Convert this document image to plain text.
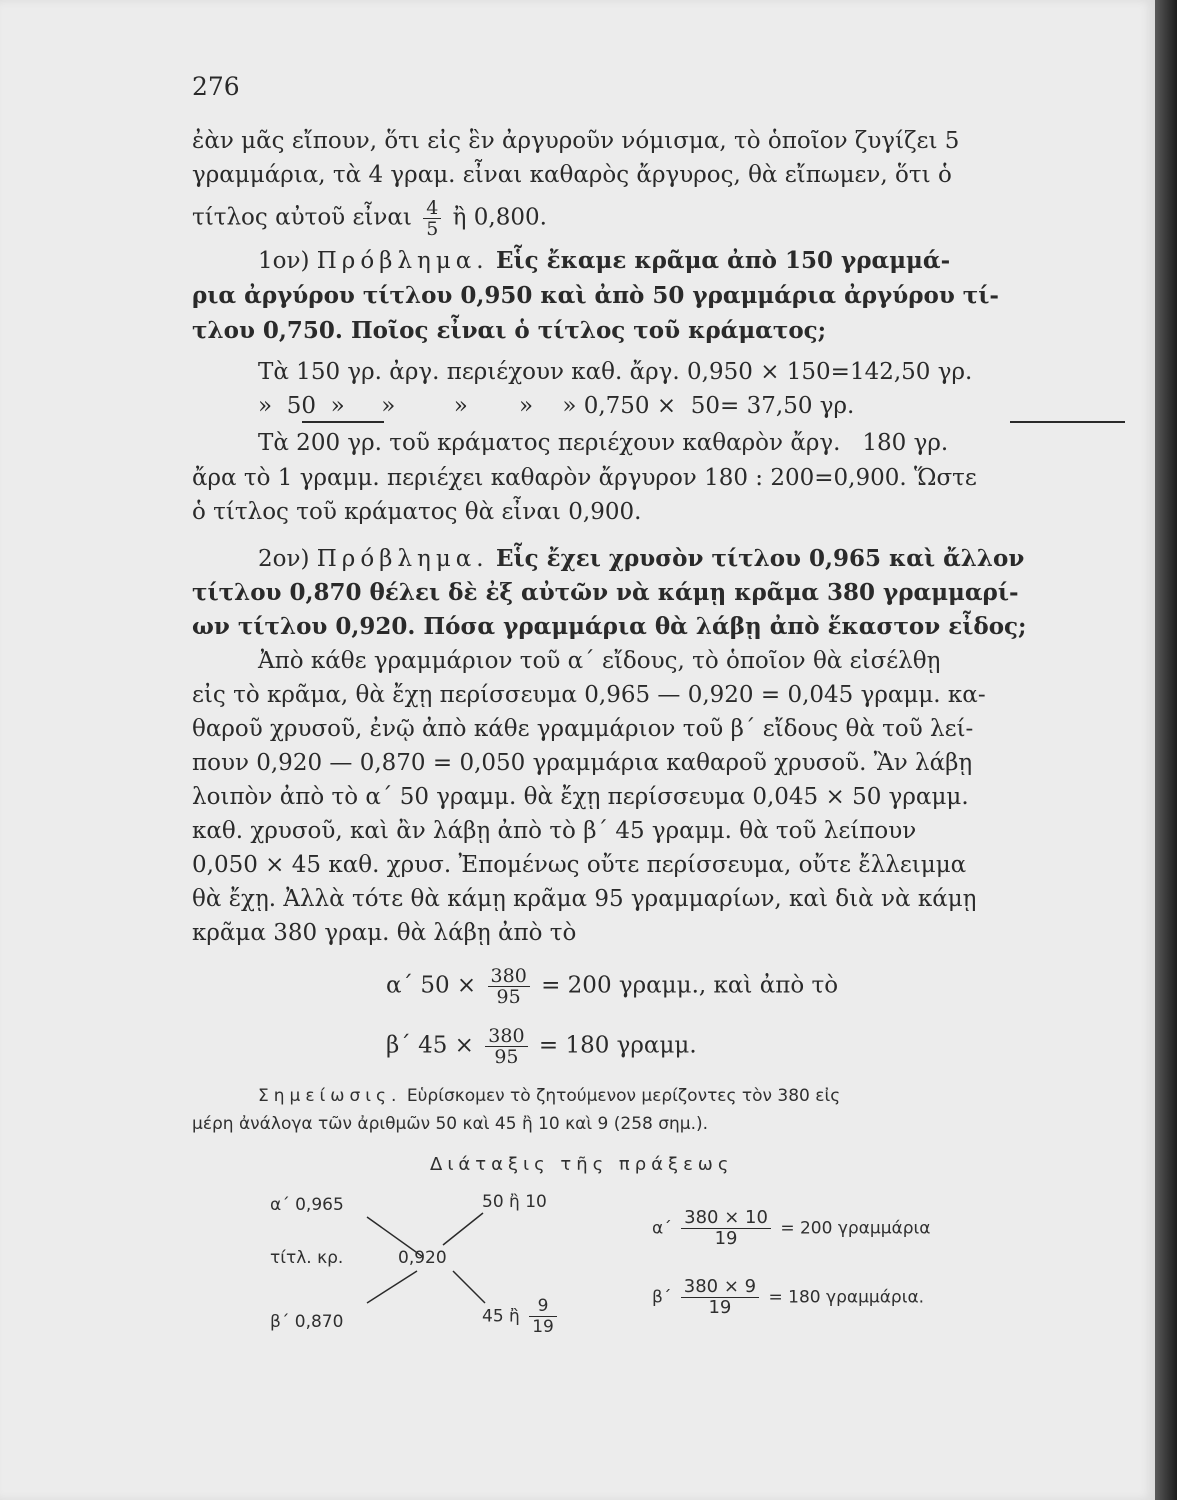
276
ἐὰν μᾶς εἴπουν, ὅτι εἰς ἓν ἀργυροῦν νόμισμα, τὸ ὁποῖον ζυγίζει 5
γραμμάρια, τὰ 4 γραμ. εἶναι καθαρὸς ἄργυρος, θὰ εἴπωμεν, ὅτι ὁ
τίτλος αὐτοῦ εἶναι $\frac{4}{5}$ ἢ 0,800.
1ον) Πρόβλημα. Εἷς ἔκαμε κρᾶμα ἀπὸ 150 γραμμά-
ρια ἀργύρου τίτλου 0,950 καὶ ἀπὸ 50 γραμμάρια ἀργύρου τί-
τλου 0,750. Ποῖος εἶναι ὁ τίτλος τοῦ κράματος;
Τὰ 150 γρ. ἀργ. περιέχουν καθ. ἄργ. 0,950 × 150=142,50 γρ.
»  50  »     »        »       »    » 0,750 ×  50= 37,50 γρ.
Τὰ 200 γρ. τοῦ κράματος περιέχουν καθαρὸν ἄργ.   180 γρ.
ἄρα τὸ 1 γραμμ. περιέχει καθαρὸν ἄργυρον 180 : 200=0,900. Ὥστε
ὁ τίτλος τοῦ κράματος θὰ εἶναι 0,900.
2ον) Πρόβλημα. Εἷς ἔχει χρυσὸν τίτλου 0,965 καὶ ἄλλον
τίτλου 0,870 θέλει δὲ ἐξ αὐτῶν νὰ κάμῃ κρᾶμα 380 γραμμαρί-
ων τίτλου 0,920. Πόσα γραμμάρια θὰ λάβῃ ἀπὸ ἕκαστον εἶδος;
Ἀπὸ κάθε γραμμάριον τοῦ α΄ εἴδους, τὸ ὁποῖον θὰ εἰσέλθῃ
εἰς τὸ κρᾶμα, θὰ ἔχῃ περίσσευμα 0,965 — 0,920 = 0,045 γραμμ. κα-
θαροῦ χρυσοῦ, ἐνῷ ἀπὸ κάθε γραμμάριον τοῦ β΄ εἴδους θὰ τοῦ λεί-
πουν 0,920 — 0,870 = 0,050 γραμμάρια καθαροῦ χρυσοῦ. Ἂν λάβῃ
λοιπὸν ἀπὸ τὸ α΄ 50 γραμμ. θὰ ἔχῃ περίσσευμα 0,045 × 50 γραμμ.
καθ. χρυσοῦ, καὶ ἂν λάβῃ ἀπὸ τὸ β΄ 45 γραμμ. θὰ τοῦ λείπουν
0,050 × 45 καθ. χρυσ. Ἐπομένως οὔτε περίσσευμα, οὔτε ἔλλειμμα
θὰ ἔχῃ. Ἀλλὰ τότε θὰ κάμῃ κρᾶμα 95 γραμμαρίων, καὶ διὰ νὰ κάμῃ
κρᾶμα 380 γραμ. θὰ λάβῃ ἀπὸ τὸ
α΄ $50 \times \frac{380}{95} = 200$ γραμμ., καὶ ἀπὸ τὸ
β΄ $45 \times \frac{380}{95} = 180$ γραμμ.
Σημείωσις. Εὑρίσκομεν τὸ ζητούμενον μερίζοντες τὸν 380 εἰς
μέρη ἀνάλογα τῶν ἀριθμῶν 50 καὶ 45 ἢ 10 καὶ 9 (258 σημ.).
Διάταξις τῆς πράξεως
α΄ 0,965
τίτλ. κρ.	0,920
β΄ 0,870
50 ἢ 10
45 ἢ $\frac{9}{19}$
$\alpha΄ \frac{380 \times 10}{19} = 200$ γραμμάρια
$\beta΄ \frac{380 \times 9}{19} = 180$ γραμμάρια.
